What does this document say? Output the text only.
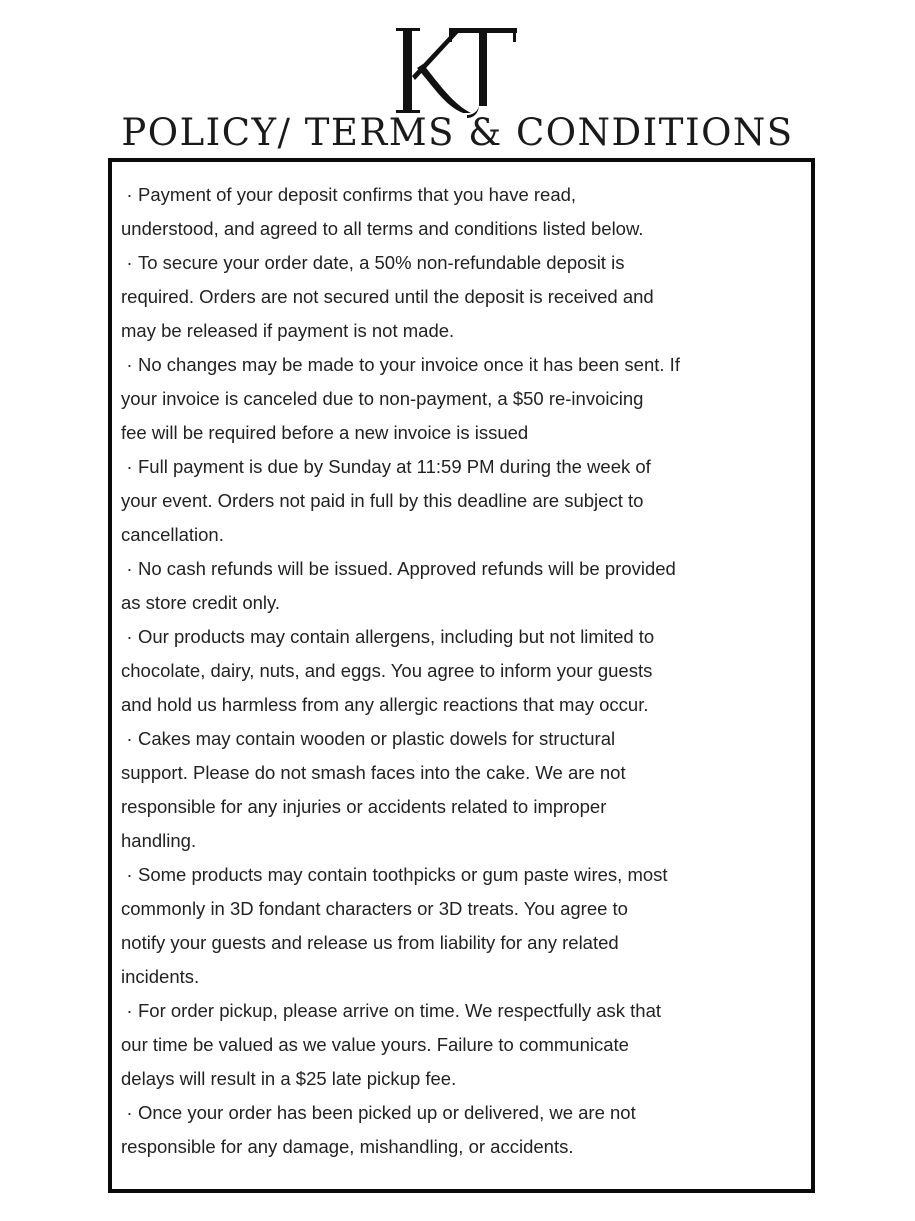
POLICY/ TERMS & CONDITIONS
· Payment of your deposit confirms that you have read,
understood, and agreed to all terms and conditions listed below.
· To secure your order date, a 50% non-refundable deposit is
required. Orders are not secured until the deposit is received and
may be released if payment is not made.
· No changes may be made to your invoice once it has been sent. If
your invoice is canceled due to non-payment, a $50 re-invoicing
fee will be required before a new invoice is issued
· Full payment is due by Sunday at 11:59 PM during the week of
your event. Orders not paid in full by this deadline are subject to
cancellation.
· No cash refunds will be issued. Approved refunds will be provided
as store credit only.
· Our products may contain allergens, including but not limited to
chocolate, dairy, nuts, and eggs. You agree to inform your guests
and hold us harmless from any allergic reactions that may occur.
· Cakes may contain wooden or plastic dowels for structural
support. Please do not smash faces into the cake. We are not
responsible for any injuries or accidents related to improper
handling.
· Some products may contain toothpicks or gum paste wires, most
commonly in 3D fondant characters or 3D treats. You agree to
notify your guests and release us from liability for any related
incidents.
· For order pickup, please arrive on time. We respectfully ask that
our time be valued as we value yours. Failure to communicate
delays will result in a $25 late pickup fee.
· Once your order has been picked up or delivered, we are not
responsible for any damage, mishandling, or accidents.
